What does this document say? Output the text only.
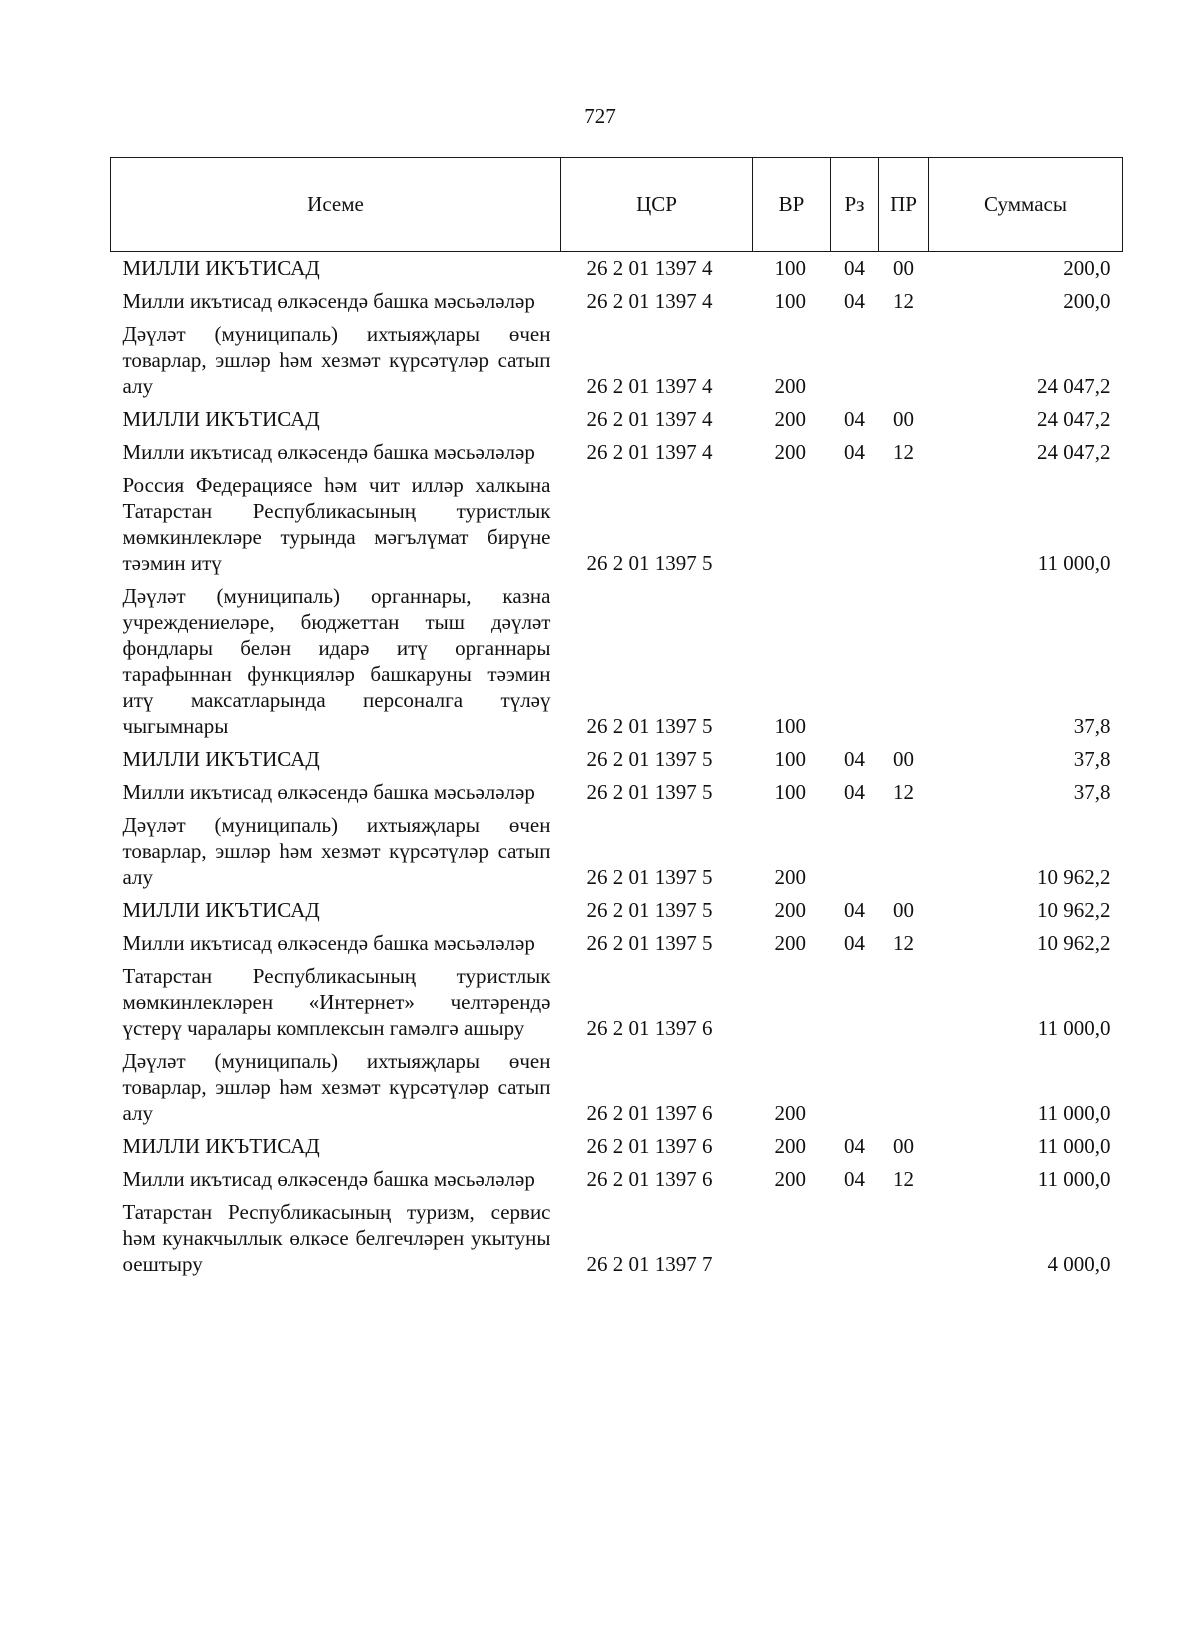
727
Исеме	ЦСР	ВР	Рз	ПР	Суммасы
МИЛЛИ ИКЪТИСАД	26 2 01 1397 4	100	04	00	200,0
Милли икътисад өлкәсендә башка мәсьәләләр	26 2 01 1397 4	100	04	12	200,0
Дәүләт (муниципаль) ихтыяҗлары өчен товарлар, эшләр һәм хезмәт күрсәтүләр сатып алу	26 2 01 1397 4	200			24 047,2
МИЛЛИ ИКЪТИСАД	26 2 01 1397 4	200	04	00	24 047,2
Милли икътисад өлкәсендә башка мәсьәләләр	26 2 01 1397 4	200	04	12	24 047,2
Россия Федерациясе һәм чит илләр халкына Татарстан Республикасының туристлык мөмкинлекләре турында мәгълүмат бирүне тәэмин итү	26 2 01 1397 5				11 000,0
Дәүләт (муниципаль) органнары, казна учреждениеләре, бюджеттан тыш дәүләт фондлары белән идарә итү органнары тарафыннан функцияләр башкаруны тәэмин итү максатларында персоналга түләү чыгымнары	26 2 01 1397 5	100			37,8
МИЛЛИ ИКЪТИСАД	26 2 01 1397 5	100	04	00	37,8
Милли икътисад өлкәсендә башка мәсьәләләр	26 2 01 1397 5	100	04	12	37,8
Дәүләт (муниципаль) ихтыяҗлары өчен товарлар, эшләр һәм хезмәт күрсәтүләр сатып алу	26 2 01 1397 5	200			10 962,2
МИЛЛИ ИКЪТИСАД	26 2 01 1397 5	200	04	00	10 962,2
Милли икътисад өлкәсендә башка мәсьәләләр	26 2 01 1397 5	200	04	12	10 962,2
Татарстан Республикасының туристлык мөмкинлекләрен «Интернет» челтәрендә үстерү чаралары комплексын гамәлгә ашыру	26 2 01 1397 6				11 000,0
Дәүләт (муниципаль) ихтыяҗлары өчен товарлар, эшләр һәм хезмәт күрсәтүләр сатып алу	26 2 01 1397 6	200			11 000,0
МИЛЛИ ИКЪТИСАД	26 2 01 1397 6	200	04	00	11 000,0
Милли икътисад өлкәсендә башка мәсьәләләр	26 2 01 1397 6	200	04	12	11 000,0
Татарстан Республикасының туризм, сервис һәм кунакчыллык өлкәсе белгечләрен укытуны оештыру	26 2 01 1397 7				4 000,0
